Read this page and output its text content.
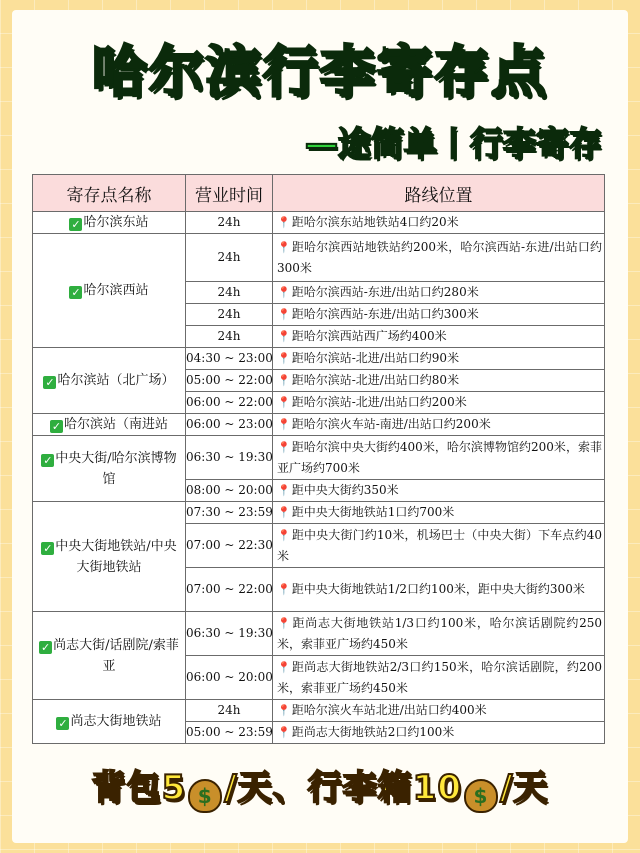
哈尔滨行李寄存点
—途简单丨行李寄存
寄存点名称	营业时间	路线位置
✓ 哈尔滨东站	24h	📍距哈尔滨东站地铁站4口约20米
✓ 哈尔滨西站	24h	📍距哈尔滨西站地铁站约200米，哈尔滨西站-东进/出站口约300米
	24h	📍距哈尔滨西站-东进/出站口约280米
	24h	📍距哈尔滨西站-东进/出站口约300米
	24h	📍距哈尔滨西站西广场约400米
✓ 哈尔滨站（北广场）	04:30 ~ 23:00	📍距哈尔滨站-北进/出站口约90米
	05:00 ~ 22:00	📍距哈尔滨站-北进/出站口约80米
	06:00 ~ 22:00	📍距哈尔滨站-北进/出站口约200米
✓ 哈尔滨站（南进站	06:00 ~ 23:00	📍距哈尔滨火车站-南进/出站口约200米
✓ 中央大街/哈尔滨博物馆	06:30 ~ 19:30	📍距哈尔滨中央大街约400米，哈尔滨博物馆约200米，索菲亚广场约700米
	08:00 ~ 20:00	📍距中央大街约350米
✓ 中央大街地铁站/中央大街地铁站	07:30 ~ 23:59	📍距中央大街地铁站1口约700米
	07:00 ~ 22:30	📍距中央大街门约10米，机场巴士（中央大街）下车点约40米
	07:00 ~ 22:00	📍距中央大街地铁站1/2口约100米，距中央大街约300米
✓ 尚志大街/话剧院/索菲亚	06:30 ~ 19:30	📍距尚志大街地铁站1/3口约100米，哈尔滨话剧院约250米，索菲亚广场约450米
	06:00 ~ 20:00	📍距尚志大街地铁站2/3口约150米，哈尔滨话剧院，约200米，索菲亚广场约450米
✓ 尚志大街地铁站	24h	📍距哈尔滨火车站北进/出站口约400米
	05:00 ~ 23:59	📍距尚志大街地铁站2口约100米
背包5 $ /天、行李箱10 $ /天
